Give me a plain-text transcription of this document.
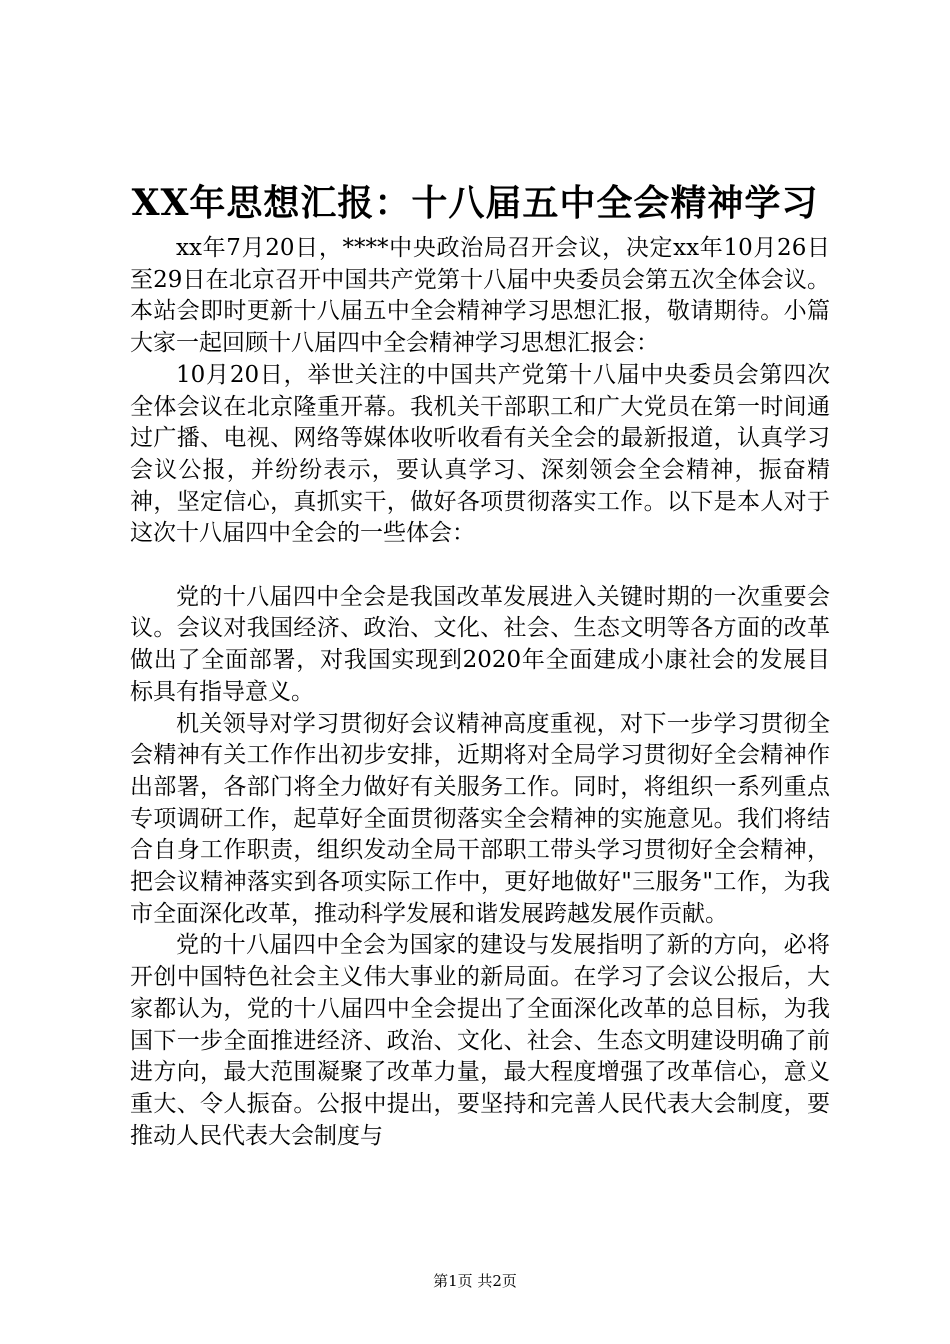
XX年思想汇报：十八届五中全会精神学习

xx年7月20日，****中央政治局召开会议，决定xx年10月26日至29日在北京召开中国共产党第十八届中央委员会第五次全体会议。本站会即时更新十八届五中全会精神学习思想汇报，敬请期待。小篇大家一起回顾十八届四中全会精神学习思想汇报会：

10月20日，举世关注的中国共产党第十八届中央委员会第四次全体会议在北京隆重开幕。我机关干部职工和广大党员在第一时间通过广播、电视、网络等媒体收听收看有关全会的最新报道，认真学习会议公报，并纷纷表示，要认真学习、深刻领会全会精神，振奋精神，坚定信心，真抓实干，做好各项贯彻落实工作。以下是本人对于这次十八届四中全会的一些体会：

党的十八届四中全会是我国改革发展进入关键时期的一次重要会议。会议对我国经济、政治、文化、社会、生态文明等各方面的改革做出了全面部署，对我国实现到2020年全面建成小康社会的发展目标具有指导意义。

机关领导对学习贯彻好会议精神高度重视，对下一步学习贯彻全会精神有关工作作出初步安排，近期将对全局学习贯彻好全会精神作出部署，各部门将全力做好有关服务工作。同时，将组织一系列重点专项调研工作，起草好全面贯彻落实全会精神的实施意见。我们将结合自身工作职责，组织发动全局干部职工带头学习贯彻好全会精神，把会议精神落实到各项实际工作中，更好地做好"三服务"工作，为我市全面深化改革，推动科学发展和谐发展跨越发展作贡献。

党的十八届四中全会为国家的建设与发展指明了新的方向，必将开创中国特色社会主义伟大事业的新局面。在学习了会议公报后，大家都认为，党的十八届四中全会提出了全面深化改革的总目标，为我国下一步全面推进经济、政治、文化、社会、生态文明建设明确了前进方向，最大范围凝聚了改革力量，最大程度增强了改革信心，意义重大、令人振奋。公报中提出，要坚持和完善人民代表大会制度，要推动人民代表大会制度与

第1页 共2页
